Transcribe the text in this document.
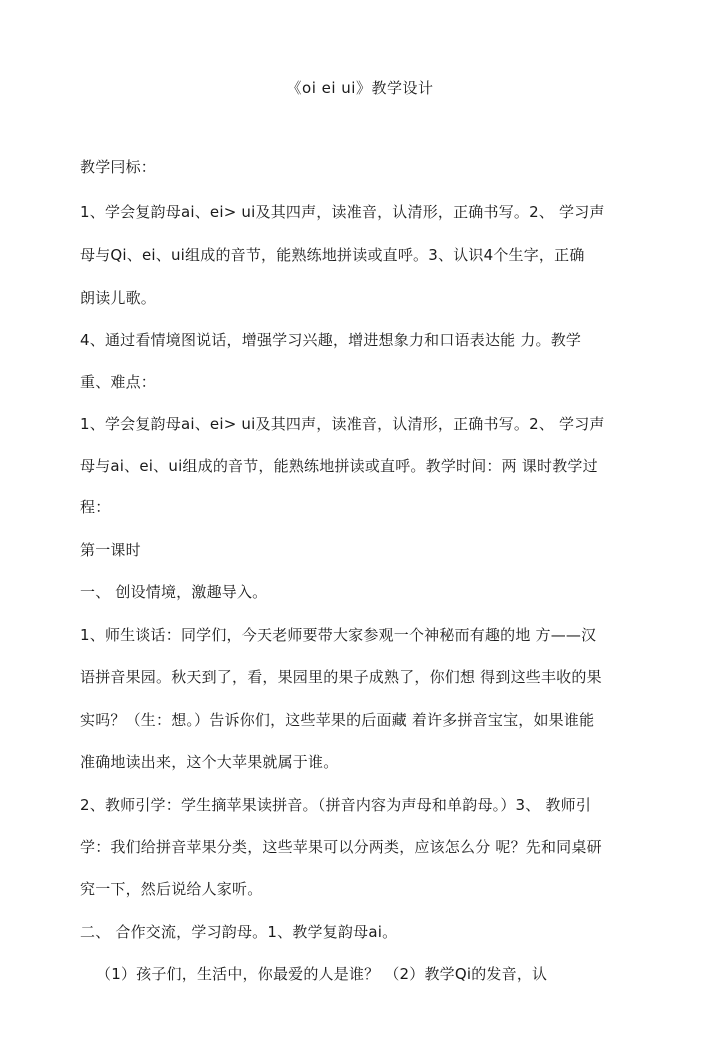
《oi ei ui》教学设计
教学冃标：
1、学会复韵母ai、ei> ui及其四声，读准音，认清形，正确书写。2、 学习声
母与Qi、ei、ui组成的音节，能熟练地拼读或直呼。3、认识4个生字，正确
朗读儿歌。
4、通过看情境图说话，增强学习兴趣，增进想象力和口语表达能 力。教学
重、难点：
1、学会复韵母ai、ei> ui及其四声，读准音，认清形，正确书写。2、 学习声
母与ai、ei、ui组成的音节，能熟练地拼读或直呼。教学时间：两 课时教学过
程：
第一课时
一、 创设情境，激趣导入。
1、师生谈话：同学们，今天老师要带大家参观一个神秘而有趣的地 方——汉
语拼音果园。秋天到了，看，果园里的果子成熟了，你们想 得到这些丰收的果
实吗？（生：想。）告诉你们，这些苹果的后面藏 着许多拼音宝宝，如果谁能
准确地读出来，这个大苹果就属于谁。
2、教师引学：学生摘苹果读拼音。（拼音内容为声母和单韵母。）3、 教师引
学：我们给拼音苹果分类，这些苹果可以分两类，应该怎么分 呢？先和同桌研
究一下，然后说给人家听。
二、 合作交流，学习韵母。1、教学复韵母ai。
（1）孩子们，生活中，你最爱的人是谁？ （2）教学Qi的发音，认
